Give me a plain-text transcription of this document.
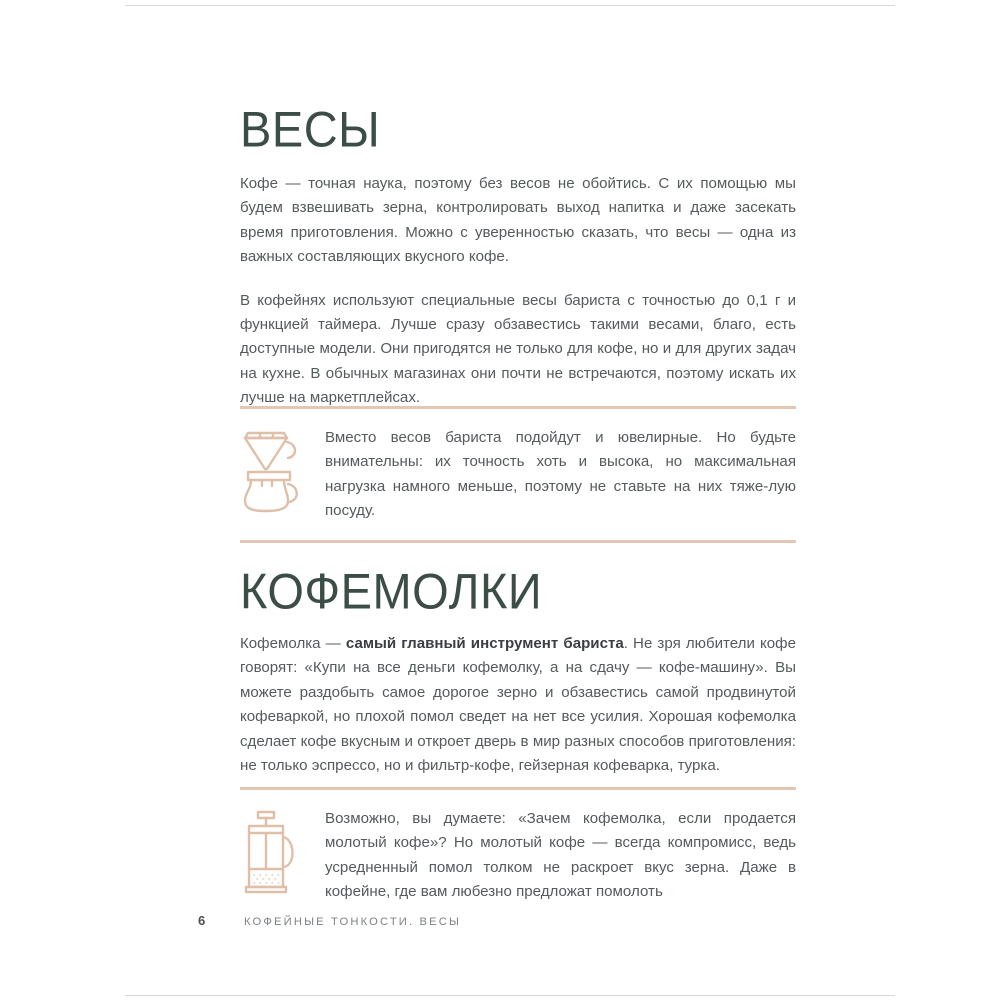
ВЕСЫ

Кофе — точная наука, поэтому без весов не обойтись. С их помощью мы будем взвешивать зерна, контролировать выход напитка и даже засекать время приготовления. Можно с уверенностью сказать, что весы — одна из важных составляющих вкусного кофе.

В кофейнях используют специальные весы бариста с точностью до 0,1 г и функцией таймера. Лучше сразу обзавестись такими весами, благо, есть доступные модели. Они пригодятся не только для кофе, но и для других задач на кухне. В обычных магазинах они почти не встречаются, поэтому искать их лучше на маркетплейсах.

Вместо весов бариста подойдут и ювелирные. Но будьте внимательны: их точность хоть и высока, но максимальная нагрузка намного меньше, поэтому не ставьте на них тяже-лую посуду.

КОФЕМОЛКИ

Кофемолка — самый главный инструмент бариста. Не зря любители кофе говорят: «Купи на все деньги кофемолку, а на сдачу — кофе-машину». Вы можете раздобыть самое дорогое зерно и обзавестись самой продвинутой кофеваркой, но плохой помол сведет на нет все усилия. Хорошая кофемолка сделает кофе вкусным и откроет дверь в мир разных способов приготовления: не только эспрессо, но и фильтр-кофе, гейзерная кофеварка, турка.

Возможно, вы думаете: «Зачем кофемолка, если продается молотый кофе»? Но молотый кофе — всегда компромисс, ведь усредненный помол толком не раскроет вкус зерна. Даже в кофейне, где вам любезно предложат помолоть

6	КОФЕЙНЫЕ ТОНКОСТИ. ВЕСЫ
